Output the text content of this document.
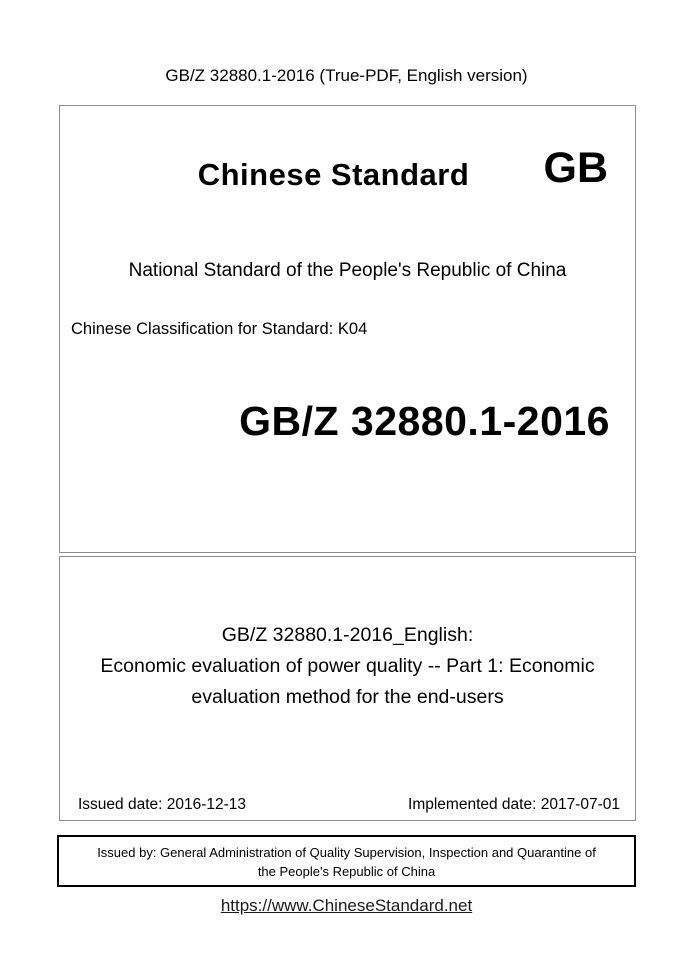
GB/Z 32880.1-2016 (True-PDF, English version)
Chinese Standard	GB
National Standard of the People's Republic of China
Chinese Classification for Standard: K04
GB/Z 32880.1-2016
GB/Z 32880.1-2016_English:
Economic evaluation of power quality -- Part 1: Economic evaluation method for the end-users
Issued date: 2016-12-13	Implemented date: 2017-07-01
Issued by: General Administration of Quality Supervision, Inspection and Quarantine of
the People's Republic of China
https://www.ChineseStandard.net
